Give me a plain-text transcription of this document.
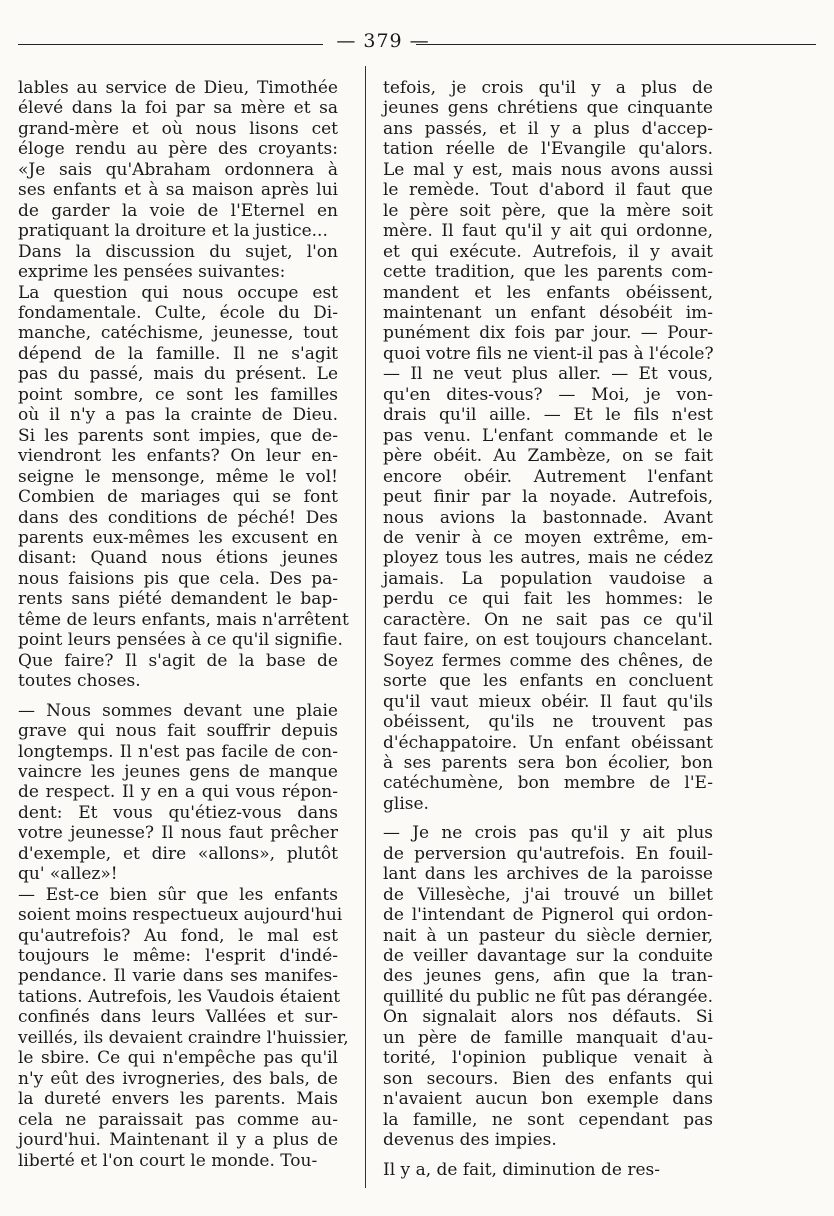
— 379 —

lables au service de Dieu, Timothée
élevé dans la foi par sa mère et sa
grand-mère et où nous lisons cet
éloge rendu au père des croyants:
«Je sais qu'Abraham ordonnera à
ses enfants et à sa maison après lui
de garder la voie de l'Eternel en
pratiquant la droiture et la justice...

Dans la discussion du sujet, l'on
exprime les pensées suivantes:

La question qui nous occupe est
fondamentale. Culte, école du Di-
manche, catéchisme, jeunesse, tout
dépend de la famille. Il ne s'agit
pas du passé, mais du présent. Le
point sombre, ce sont les familles
où il n'y a pas la crainte de Dieu.
Si les parents sont impies, que de-
viendront les enfants? On leur en-
seigne le mensonge, même le vol!
Combien de mariages qui se font
dans des conditions de péché! Des
parents eux-mêmes les excusent en
disant: Quand nous étions jeunes
nous faisions pis que cela. Des pa-
rents sans piété demandent le bap-
tême de leurs enfants, mais n'arrêtent
point leurs pensées à ce qu'il signifie.
Que faire? Il s'agit de la base de
toutes choses.

— Nous sommes devant une plaie
grave qui nous fait souffrir depuis
longtemps. Il n'est pas facile de con-
vaincre les jeunes gens de manque
de respect. Il y en a qui vous répon-
dent: Et vous qu'étiez-vous dans
votre jeunesse? Il nous faut prêcher
d'exemple, et dire «allons», plutôt
qu' «allez»!

— Est-ce bien sûr que les enfants
soient moins respectueux aujourd'hui
qu'autrefois? Au fond, le mal est
toujours le même: l'esprit d'indé-
pendance. Il varie dans ses manifes-
tations. Autrefois, les Vaudois étaient
confinés dans leurs Vallées et sur-
veillés, ils devaient craindre l'huissier,
le sbire. Ce qui n'empêche pas qu'il
n'y eût des ivrogneries, des bals, de
la dureté envers les parents. Mais
cela ne paraissait pas comme au-
jourd'hui. Maintenant il y a plus de
liberté et l'on court le monde. Tou-

tefois, je crois qu'il y a plus de
jeunes gens chrétiens que cinquante
ans passés, et il y a plus d'accep-
tation réelle de l'Evangile qu'alors.
Le mal y est, mais nous avons aussi
le remède. Tout d'abord il faut que
le père soit père, que la mère soit
mère. Il faut qu'il y ait qui ordonne,
et qui exécute. Autrefois, il y avait
cette tradition, que les parents com-
mandent et les enfants obéissent,
maintenant un enfant désobéit im-
punément dix fois par jour. — Pour-
quoi votre fils ne vient-il pas à l'école?
— Il ne veut plus aller. — Et vous,
qu'en dites-vous? — Moi, je von-
drais qu'il aille. — Et le fils n'est
pas venu. L'enfant commande et le
père obéit. Au Zambèze, on se fait
encore obéir. Autrement l'enfant
peut finir par la noyade. Autrefois,
nous avions la bastonnade. Avant
de venir à ce moyen extrême, em-
ployez tous les autres, mais ne cédez
jamais. La population vaudoise a
perdu ce qui fait les hommes: le
caractère. On ne sait pas ce qu'il
faut faire, on est toujours chancelant.
Soyez fermes comme des chênes, de
sorte que les enfants en concluent
qu'il vaut mieux obéir. Il faut qu'ils
obéissent, qu'ils ne trouvent pas
d'échappatoire. Un enfant obéissant
à ses parents sera bon écolier, bon
catéchumène, bon membre de l'E-
glise.

— Je ne crois pas qu'il y ait plus
de perversion qu'autrefois. En fouil-
lant dans les archives de la paroisse
de Villesèche, j'ai trouvé un billet
de l'intendant de Pignerol qui ordon-
nait à un pasteur du siècle dernier,
de veiller davantage sur la conduite
des jeunes gens, afin que la tran-
quillité du public ne fût pas dérangée.
On signalait alors nos défauts. Si
un père de famille manquait d'au-
torité, l'opinion publique venait à
son secours. Bien des enfants qui
n'avaient aucun bon exemple dans
la famille, ne sont cependant pas
devenus des impies.

Il y a, de fait, diminution de res-
